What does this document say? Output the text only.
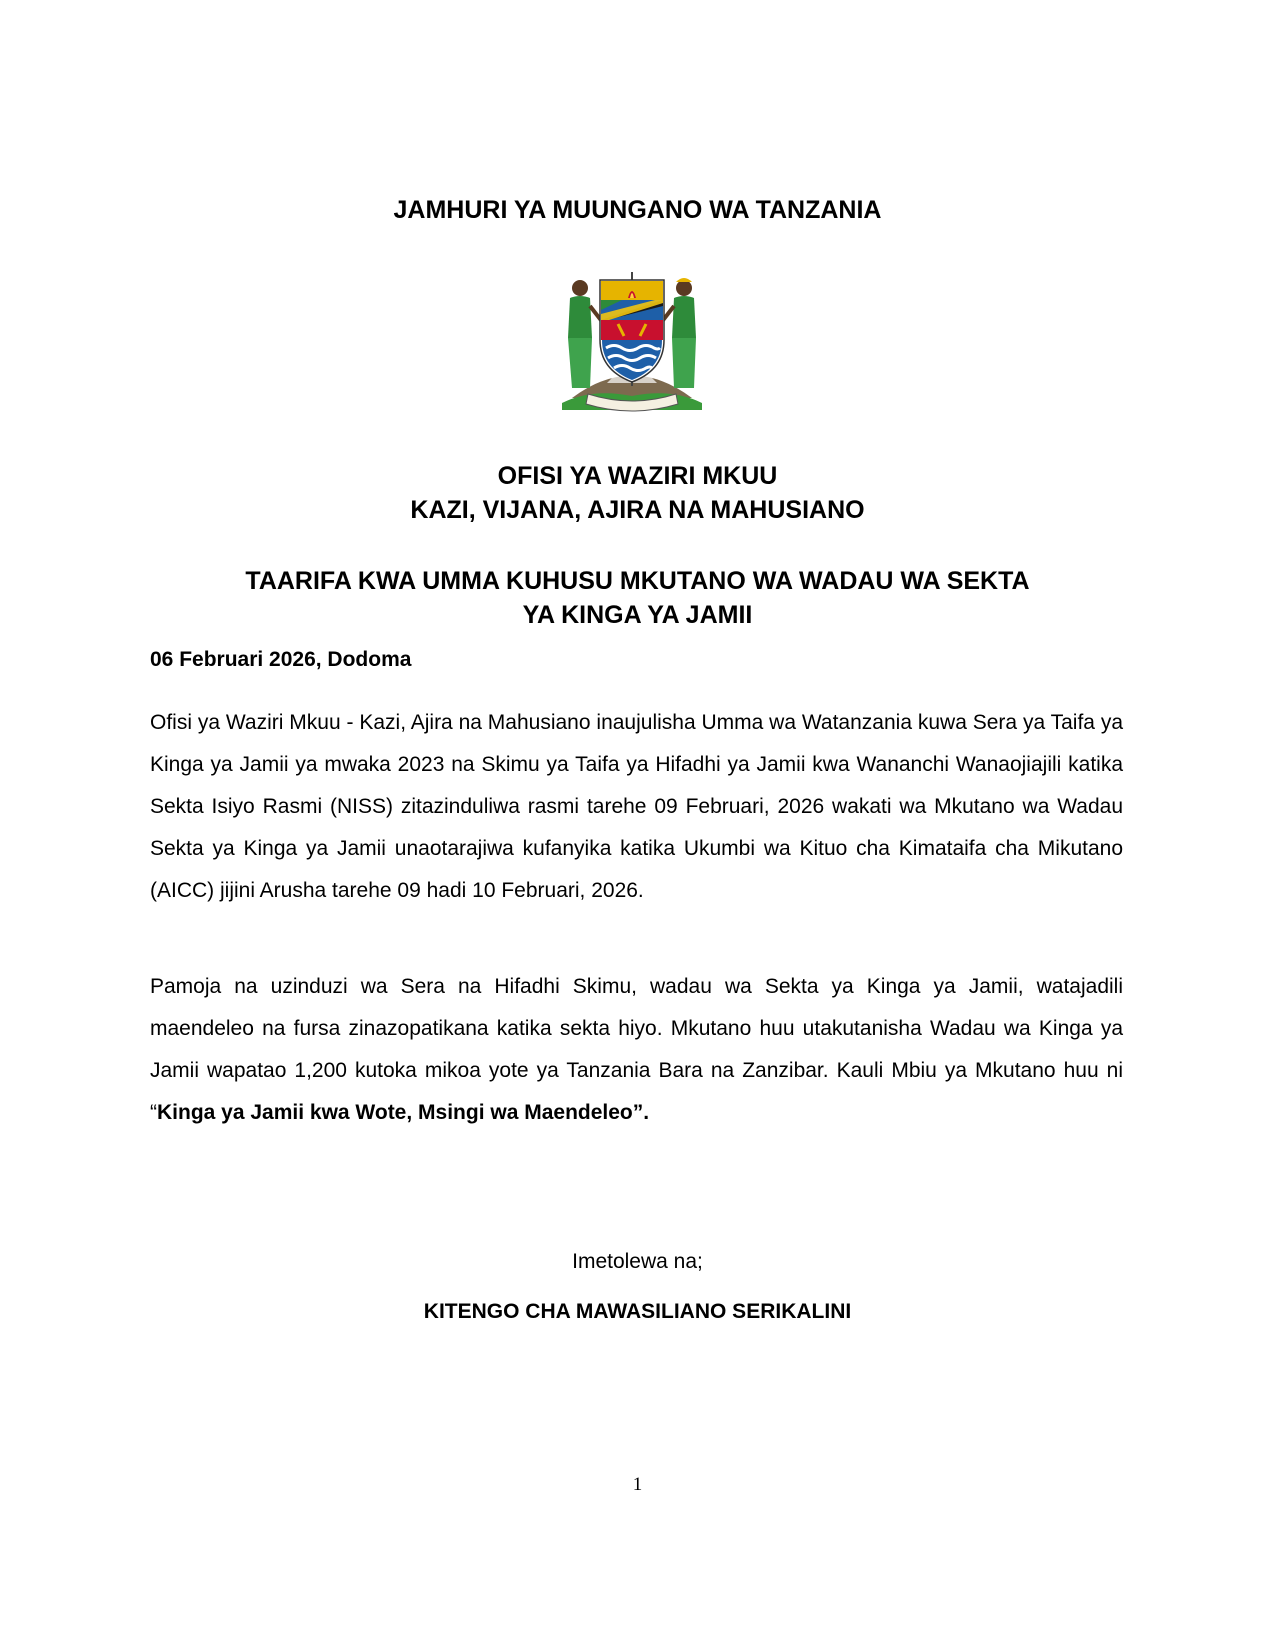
JAMHURI YA MUUNGANO WA TANZANIA
OFISI YA WAZIRI MKUU
KAZI, VIJANA, AJIRA NA MAHUSIANO
TAARIFA KWA UMMA KUHUSU MKUTANO WA WADAU WA SEKTA
YA KINGA YA JAMII
06 Februari 2026, Dodoma

Ofisi ya Waziri Mkuu - Kazi, Ajira na Mahusiano inaujulisha Umma wa Watanzania kuwa Sera ya Taifa ya Kinga ya Jamii ya mwaka 2023 na Skimu ya Taifa ya Hifadhi ya Jamii kwa Wananchi Wanaojiajili katika Sekta Isiyo Rasmi (NISS) zitazinduliwa rasmi tarehe 09 Februari, 2026 wakati wa Mkutano wa Wadau Sekta ya Kinga ya Jamii unaotarajiwa kufanyika katika Ukumbi wa Kituo cha Kimataifa cha Mikutano (AICC) jijini Arusha tarehe 09 hadi 10 Februari, 2026.

Pamoja na uzinduzi wa Sera na Hifadhi Skimu, wadau wa Sekta ya Kinga ya Jamii, watajadili maendeleo na fursa zinazopatikana katika sekta hiyo. Mkutano huu utakutanisha Wadau wa Kinga ya Jamii wapatao 1,200 kutoka mikoa yote ya Tanzania Bara na Zanzibar. Kauli Mbiu ya Mkutano huu ni “Kinga ya Jamii kwa Wote, Msingi wa Maendeleo”.

Imetolewa na;
KITENGO CHA MAWASILIANO SERIKALINI
1
